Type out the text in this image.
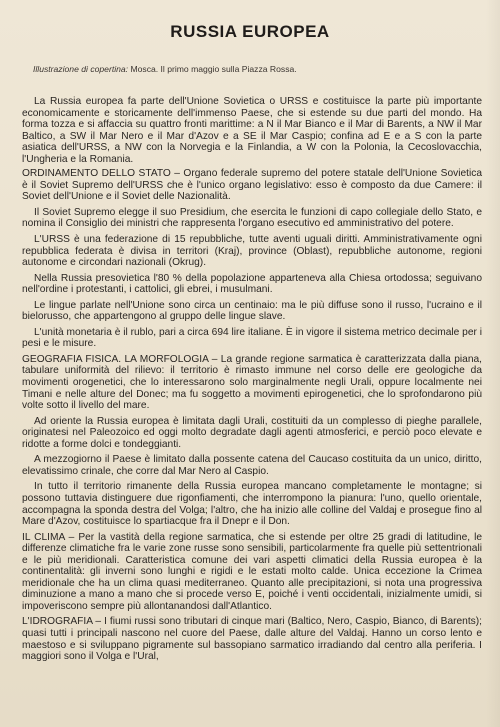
RUSSIA EUROPEA
Illustrazione di copertina: Mosca. Il primo maggio sulla Piazza Rossa.

La Russia europea fa parte dell'Unione Sovietica o URSS e costituisce la parte più importante economicamente e storicamente dell'immenso Paese, che si estende su due parti del mondo. Ha forma tozza e si affaccia su quattro fronti marittime: a N il Mar Bianco e il Mar di Barents, a NW il Mar Baltico, a SW il Mar Nero e il Mar d'Azov e a SE il Mar Caspio; confina ad E e a S con la parte asiatica dell'URSS, a NW con la Norvegia e la Finlandia, a W con la Polonia, la Cecoslovacchia, l'Ungheria e la Romania.

ORDINAMENTO DELLO STATO – Organo federale supremo del potere statale dell'Unione Sovietica è il Soviet Supremo dell'URSS che è l'unico organo legislativo: esso è composto da due Camere: il Soviet dell'Unione e il Soviet delle Nazionalità.

Il Soviet Supremo elegge il suo Presidium, che esercita le funzioni di capo collegiale dello Stato, e nomina il Consiglio dei ministri che rappresenta l'organo esecutivo ed amministrativo del potere.

L'URSS è una federazione di 15 repubbliche, tutte aventi uguali diritti. Amministrativamente ogni repubblica federata è divisa in territori (Kraj), province (Oblast), repubbliche autonome, regioni autonome e circondari nazionali (Okrug).

Nella Russia presovietica l'80 % della popolazione apparteneva alla Chiesa ortodossa; seguivano nell'ordine i protestanti, i cattolici, gli ebrei, i musulmani.

Le lingue parlate nell'Unione sono circa un centinaio: ma le più diffuse sono il russo, l'ucraino e il bielorusso, che appartengono al gruppo delle lingue slave.

L'unità monetaria è il rublo, pari a circa 694 lire italiane. È in vigore il sistema metrico decimale per i pesi e le misure.

GEOGRAFIA FISICA. LA MORFOLOGIA – La grande regione sarmatica è caratterizzata dalla piana, tabulare uniformità del rilievo: il territorio è rimasto immune nel corso delle ere geologiche da movimenti orogenetici, che lo interessarono solo marginalmente negli Urali, oppure localmente nei Timani e nelle alture del Donec; ma fu soggetto a movimenti epirogenetici, che lo sprofondarono più volte sotto il livello del mare.

Ad oriente la Russia europea è limitata dagli Urali, costituiti da un complesso di pieghe parallele, originatesi nel Paleozoico ed oggi molto degradate dagli agenti atmosferici, e perciò poco elevate e ridotte a forme dolci e tondeggianti.

A mezzogiorno il Paese è limitato dalla possente catena del Caucaso costituita da un unico, diritto, elevatissimo crinale, che corre dal Mar Nero al Caspio.

In tutto il territorio rimanente della Russia europea mancano completamente le montagne; si possono tuttavia distinguere due rigonfiamenti, che interrompono la pianura: l'uno, quello orientale, accompagna la sponda destra del Volga; l'altro, che ha inizio alle colline del Valdaj e prosegue fino al Mare d'Azov, costituisce lo spartiacque fra il Dnepr e il Don.

IL CLIMA – Per la vastità della regione sarmatica, che si estende per oltre 25 gradi di latitudine, le differenze climatiche fra le varie zone russe sono sensibili, particolarmente fra quelle più settentrionali e le più meridionali. Caratteristica comune dei vari aspetti climatici della Russia europea è la continentalità: gli inverni sono lunghi e rigidi e le estati molto calde. Unica eccezione la Crimea meridionale che ha un clima quasi mediterraneo. Quanto alle precipitazioni, si nota una progressiva diminuzione a mano a mano che si procede verso E, poiché i venti occidentali, inizialmente umidi, si impoveriscono sempre più allontanandosi dall'Atlantico.

L'IDROGRAFIA – I fiumi russi sono tributari di cinque mari (Baltico, Nero, Caspio, Bianco, di Barents); quasi tutti i principali nascono nel cuore del Paese, dalle alture del Valdaj. Hanno un corso lento e maestoso e si sviluppano pigramente sul bassopiano sarmatico irradiando dal centro alla periferia. I maggiori sono il Volga e l'Ural,
